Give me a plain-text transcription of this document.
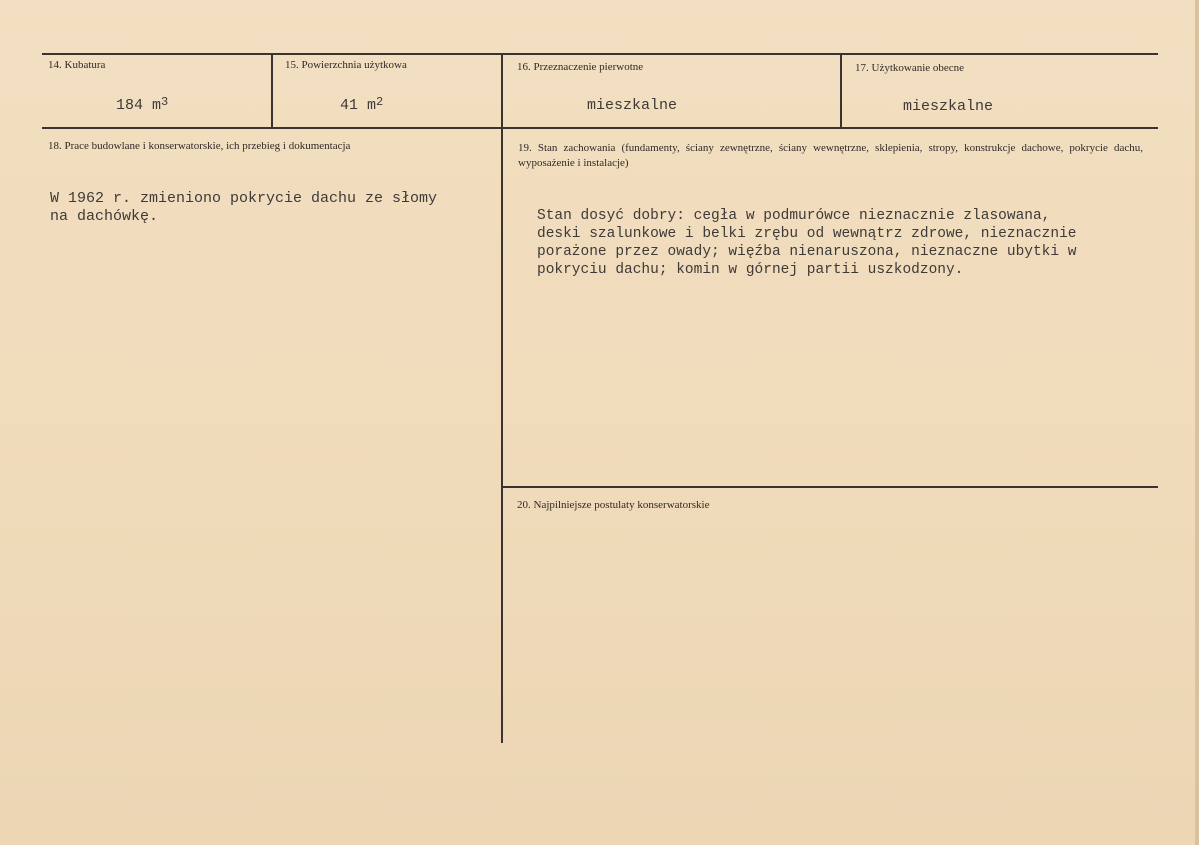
14. Kubatura
184 $m^3$
15. Powierzchnia użytkowa
41 $m^2$
16. Przeznaczenie pierwotne
mieszkalne
17. Użytkowanie obecne
mieszkalne
18. Prace budowlane i konserwatorskie, ich przebieg i dokumentacja
W 1962 r. zmieniono pokrycie dachu ze słomy
na dachówkę.
19. Stan zachowania (fundamenty, ściany zewnętrzne, ściany wewnętrzne, sklepienia, stropy, konstrukcje dachowe, pokrycie dachu, wyposażenie i instalacje)
Stan dosyć dobry: cegła w podmurówce nieznacznie zlasowana,
deski szalunkowe i belki zrębu od wewnątrz zdrowe, nieznacznie
porażone przez owady; więźba nienaruszona, nieznaczne ubytki w
pokryciu dachu; komin w górnej partii uszkodzony.
20. Najpilniejsze postulaty konserwatorskie
